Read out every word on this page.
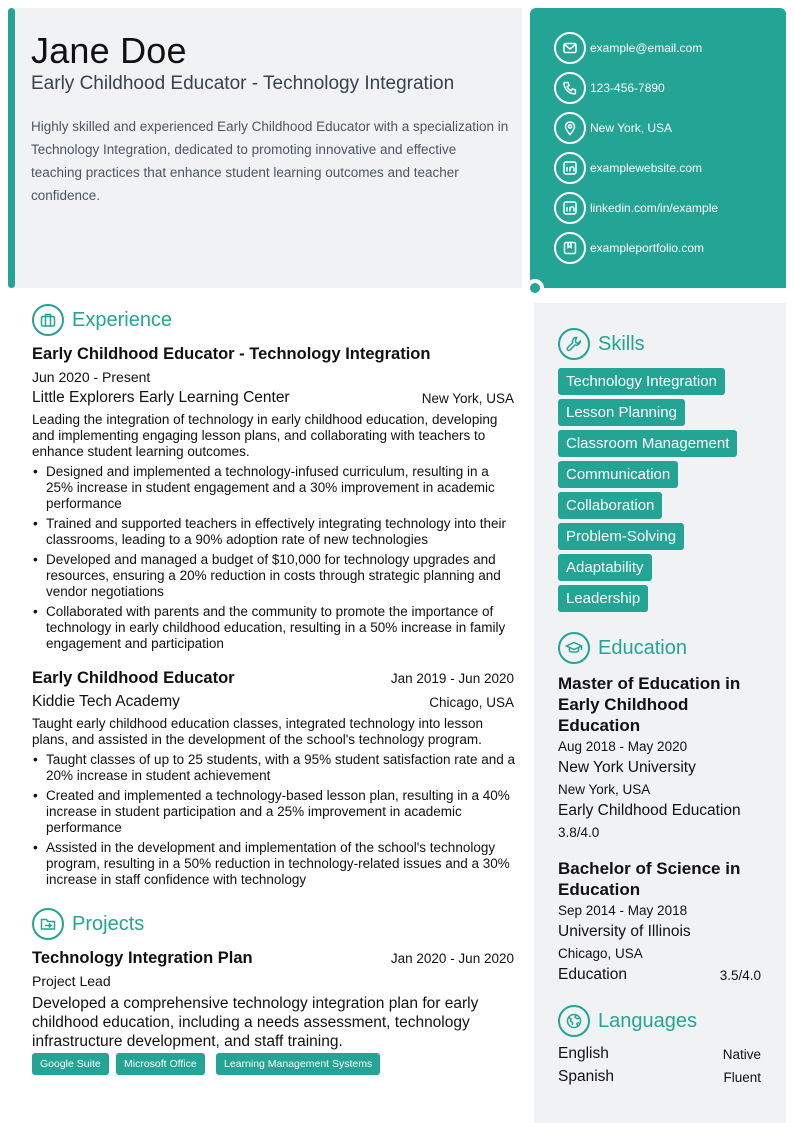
Jane Doe
Early Childhood Educator - Technology Integration
Highly skilled and experienced Early Childhood Educator with a specialization in Technology Integration, dedicated to promoting innovative and effective teaching practices that enhance student learning outcomes and teacher confidence.
example@email.com
123-456-7890
New York, USA
examplewebsite.com
linkedin.com/in/example
exampleportfolio.com
Experience
Early Childhood Educator - Technology Integration
Jun 2020 - Present
Little Explorers Early Learning Center	New York, USA
Leading the integration of technology in early childhood education, developing and implementing engaging lesson plans, and collaborating with teachers to enhance student learning outcomes.
• Designed and implemented a technology-infused curriculum, resulting in a 25% increase in student engagement and a 30% improvement in academic performance
• Trained and supported teachers in effectively integrating technology into their classrooms, leading to a 90% adoption rate of new technologies
• Developed and managed a budget of $10,000 for technology upgrades and resources, ensuring a 20% reduction in costs through strategic planning and vendor negotiations
• Collaborated with parents and the community to promote the importance of technology in early childhood education, resulting in a 50% increase in family engagement and participation
Early Childhood Educator	Jan 2019 - Jun 2020
Kiddie Tech Academy	Chicago, USA
Taught early childhood education classes, integrated technology into lesson plans, and assisted in the development of the school's technology program.
• Taught classes of up to 25 students, with a 95% student satisfaction rate and a 20% increase in student achievement
• Created and implemented a technology-based lesson plan, resulting in a 40% increase in student participation and a 25% improvement in academic performance
• Assisted in the development and implementation of the school's technology program, resulting in a 50% reduction in technology-related issues and a 30% increase in staff confidence with technology
Projects
Technology Integration Plan	Jan 2020 - Jun 2020
Project Lead
Developed a comprehensive technology integration plan for early childhood education, including a needs assessment, technology infrastructure development, and staff training.
Google Suite	Microsoft Office	Learning Management Systems
Skills
Technology Integration
Lesson Planning
Classroom Management
Communication
Collaboration
Problem-Solving
Adaptability
Leadership
Education
Master of Education in Early Childhood Education
Aug 2018 - May 2020
New York University
New York, USA
Early Childhood Education
3.8/4.0
Bachelor of Science in Education
Sep 2014 - May 2018
University of Illinois
Chicago, USA
Education	3.5/4.0
Languages
English	Native
Spanish	Fluent
